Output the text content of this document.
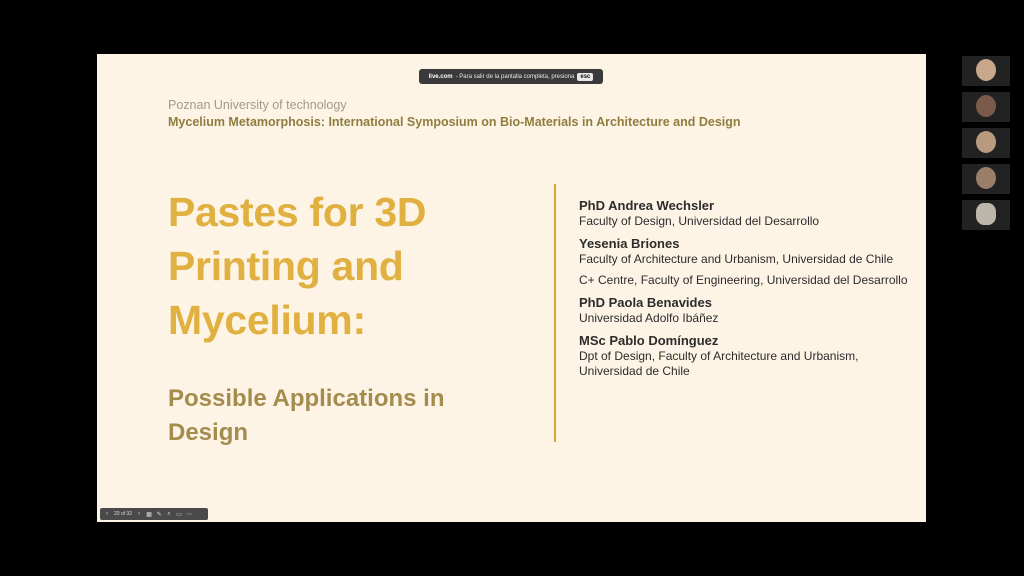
Poznan University of technology
Mycelium Metamorphosis: International Symposium on Bio-Materials in Architecture and Design
Pastes for 3D Printing and Mycelium:
Possible Applications in Design
PhD Andrea Wechsler
Faculty of Design, Universidad del Desarrollo
Yesenia Briones
Faculty of Architecture and Urbanism, Universidad de Chile
C+ Centre, Faculty of Engineering, Universidad del Desarrollo
PhD Paola Benavides
Universidad Adolfo Ibáñez
MSc Pablo Domínguez
Dpt of Design, Faculty of Architecture and Urbanism, Universidad de Chile
live.com - Para salir de la pantalla completa, presiona	esc
‹	20 of 32	›	▦ ✎ ⌕ ▭ ⋯
